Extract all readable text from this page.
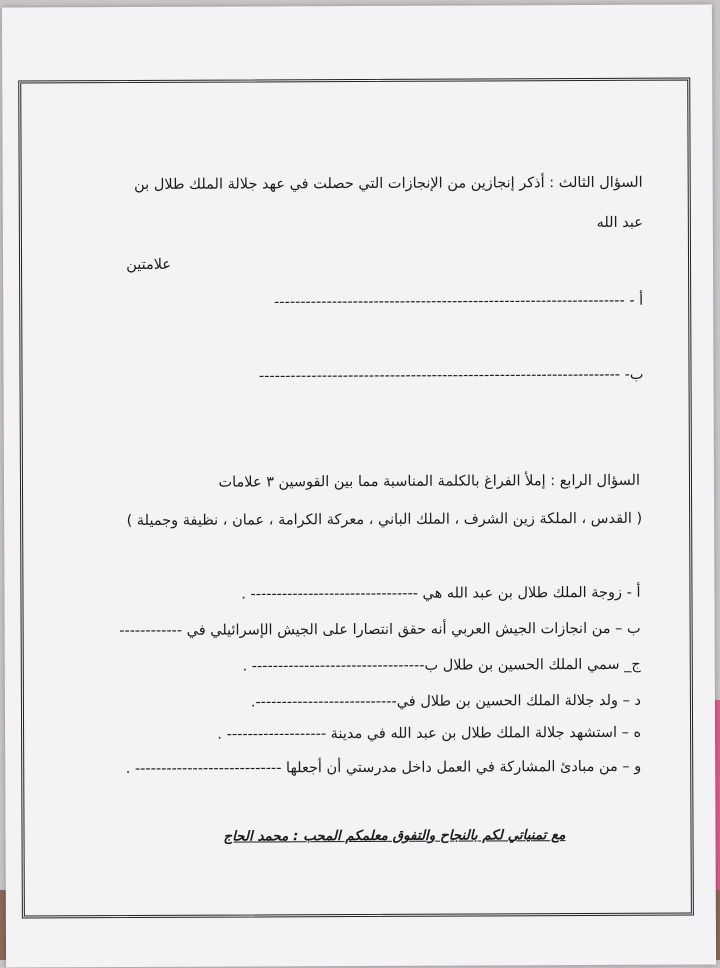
السؤال الثالث : أذكر إنجازين من الإنجازات التي حصلت في عهد جلالة الملك طلال بن
عبد الله
علامتين
أ - -------------------------------------------------------------------
ب- ---------------------------------------------------------------------
السؤال الرابع : إملأ الفراغ بالكلمة المناسبة مما بين القوسين
٣ علامات
( القدس ، الملكة زين الشرف ، الملك الباني ، معركة الكرامة ، عمان ، نظيفة وجميلة )
أ - زوجة الملك طلال بن عبد الله هي -------------------------------- .
ب – من انجازات الجيش العربي أنه حقق انتصارا على الجيش الإسرائيلي في ------------
ج_ سمي الملك الحسين بن طلال ب--------------------------------- .
د – ولد جلالة الملك الحسين بن طلال في---------------------------.
ه – استشهد جلالة الملك طلال بن عبد الله في مدينة ------------------- .
و – من مبادئ المشاركة في العمل داخل مدرستي أن أجعلها ---------------------------- .
مع تمنياتي لكم بالنجاح والتفوق معلمكم المحب : محمد الحاج
